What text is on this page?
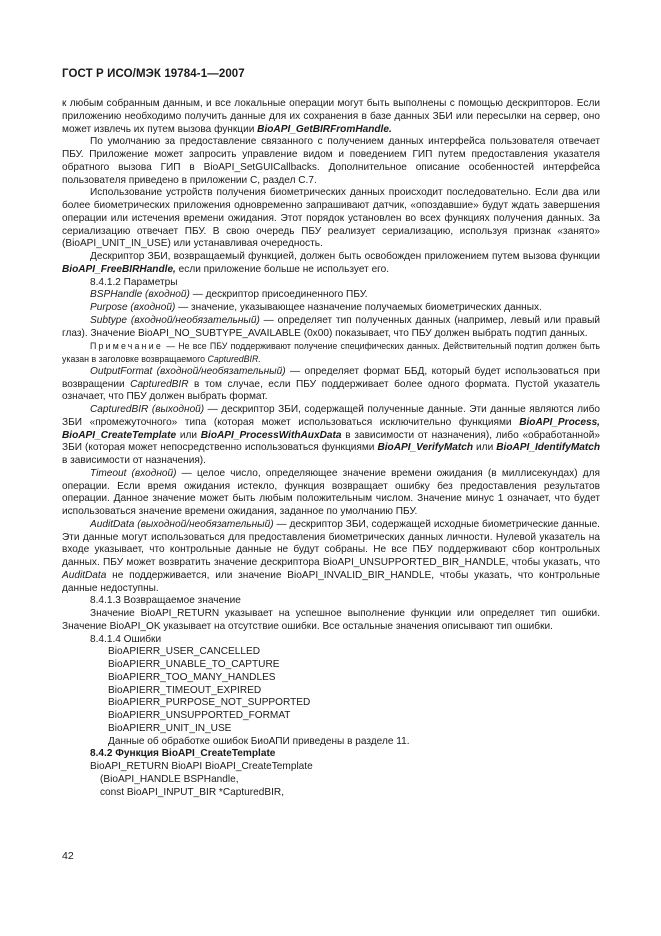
ГОСТ Р ИСО/МЭК 19784-1—2007

к любым собранным данным, и все локальные операции могут быть выполнены с помощью дескрипторов. Если приложению необходимо получить данные для их сохранения в базе данных ЗБИ или пересылки на сервер, оно может извлечь их путем вызова функции BioAPI_GetBIRFromHandle.

По умолчанию за предоставление связанного с получением данных интерфейса пользователя отвечает ПБУ. Приложение может запросить управление видом и поведением ГИП путем предоставления указателя обратного вызова ГИП в BioAPI_SetGUICallbacks. Дополнительное описание особенностей интерфейса пользователя приведено в приложении С, раздел С.7.

Использование устройств получения биометрических данных происходит последовательно. Если два или более биометрических приложения одновременно запрашивают датчик, «опоздавшие» будут ждать завершения операции или истечения времени ожидания. Этот порядок установлен во всех функциях получения данных. За сериализацию отвечает ПБУ. В свою очередь ПБУ реализует сериализацию, используя признак «занято» (BioAPI_UNIT_IN_USE) или устанавливая очередность.

Дескриптор ЗБИ, возвращаемый функцией, должен быть освобожден приложением путем вызова функции BioAPI_FreeBIRHandle, если приложение больше не использует его.

8.4.1.2 Параметры

BSPHandle (входной) — дескриптор присоединенного ПБУ.

Purpose (входной) — значение, указывающее назначение получаемых биометрических данных.

Subtype (входной/необязательный) — определяет тип полученных данных (например, левый или правый глаз). Значение BioAPI_NO_SUBTYPE_AVAILABLE (0x00) показывает, что ПБУ должен выбрать подтип данных.

Примечание — Не все ПБУ поддерживают получение специфических данных. Действительный подтип должен быть указан в заголовке возвращаемого CapturedBIR.

OutputFormat (входной/необязательный) — определяет формат ББД, который будет использоваться при возвращении CapturedBIR в том случае, если ПБУ поддерживает более одного формата. Пустой указатель означает, что ПБУ должен выбрать формат.

CapturedBIR (выходной) — дескриптор ЗБИ, содержащей полученные данные. Эти данные являются либо ЗБИ «промежуточного» типа (которая может использоваться исключительно функциями BioAPI_Process, BioAPI_CreateTemplate или BioAPI_ProcessWithAuxData в зависимости от назначения), либо «обработанной» ЗБИ (которая может непосредственно использоваться функциями BioAPI_VerifyMatch или BioAPI_IdentifyMatch в зависимости от назначения).

Timeout (входной) — целое число, определяющее значение времени ожидания (в миллисекундах) для операции. Если время ожидания истекло, функция возвращает ошибку без предоставления результатов операции. Данное значение может быть любым положительным числом. Значение минус 1 означает, что будет использоваться значение времени ожидания, заданное по умолчанию ПБУ.

AuditData (выходной/необязательный) — дескриптор ЗБИ, содержащей исходные биометрические данные. Эти данные могут использоваться для предоставления биометрических данных личности. Нулевой указатель на входе указывает, что контрольные данные не будут собраны. Не все ПБУ поддерживают сбор контрольных данных. ПБУ может возвратить значение дескриптора BioAPI_UNSUPPORTED_BIR_HANDLE, чтобы указать, что AuditData не поддерживается, или значение BioAPI_INVALID_BIR_HANDLE, чтобы указать, что контрольные данные недоступны.

8.4.1.3 Возвращаемое значение

Значение BioAPI_RETURN указывает на успешное выполнение функции или определяет тип ошибки. Значение BioAPI_OK указывает на отсутствие ошибки. Все остальные значения описывают тип ошибки.

8.4.1.4 Ошибки

BioAPIERR_USER_CANCELLED

BioAPIERR_UNABLE_TO_CAPTURE

BioAPIERR_TOO_MANY_HANDLES

BioAPIERR_TIMEOUT_EXPIRED

BioAPIERR_PURPOSE_NOT_SUPPORTED

BioAPIERR_UNSUPPORTED_FORMAT

BioAPIERR_UNIT_IN_USE

Данные об обработке ошибок БиоАПИ приведены в разделе 11.

8.4.2 Функция BioAPI_CreateTemplate

BioAPI_RETURN BioAPI BioAPI_CreateTemplate

(BioAPI_HANDLE BSPHandle,

const BioAPI_INPUT_BIR *CapturedBIR,

42
